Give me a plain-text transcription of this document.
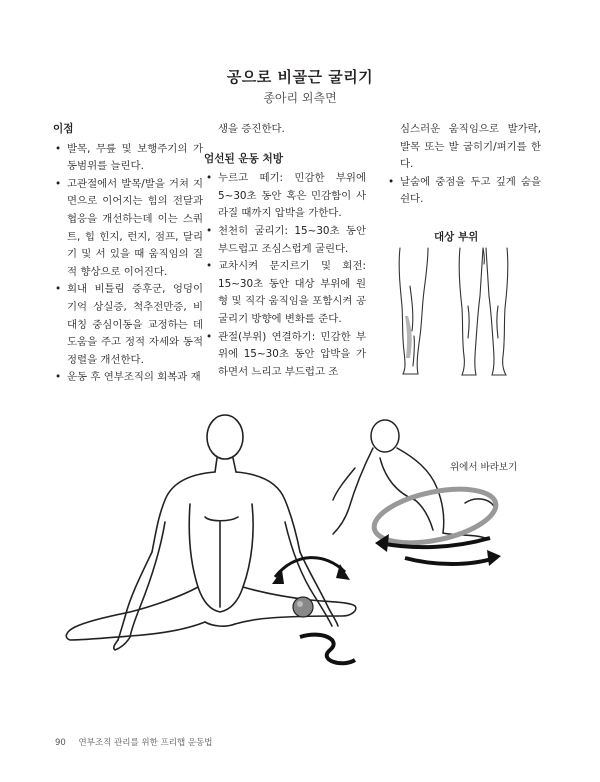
공으로 비골근 굴리기
종아리 외측면
이점
• 발목, 무릎 및 보행주기의 가동범위를 늘린다.
• 고관절에서 발목/발을 거쳐 지면으로 이어지는 힘의 전달과 협응을 개선하는데 이는 스쿼트, 힙 힌지, 런지, 점프, 달리기 및 서 있을 때 움직임의 질적 향상으로 이어진다.
• 회내 비틀림 증후군, 엉덩이 기억 상실증, 척추전만증, 비대칭 중심이동을 교정하는 데 도움을 주고 정적 자세와 동적 정렬을 개선한다.
• 운동 후 연부조직의 회복과 재

생을 증진한다.

엄선된 운동 처방
• 누르고 떼기: 민감한 부위에 5~30초 동안 혹은 민감함이 사라질 때까지 압박을 가한다.
• 천천히 굴리기: 15~30초 동안 부드럽고 조심스럽게 굴린다.
• 교차시켜 문지르기 및 회전: 15~30초 동안 대상 부위에 원형 및 직각 움직임을 포함시켜 공 굴리기 방향에 변화를 준다.
• 관절(부위) 연결하기: 민감한 부위에 15~30초 동안 압박을 가하면서 느리고 부드럽고 조

심스러운 움직임으로 발가락, 발목 또는 발 굽히기/펴기를 한다.

• 날숨에 중점을 두고 깊게 숨을 쉰다.
대상 부위
위에서 바라보기
90 연부조직 관리를 위한 프리햅 운동법
